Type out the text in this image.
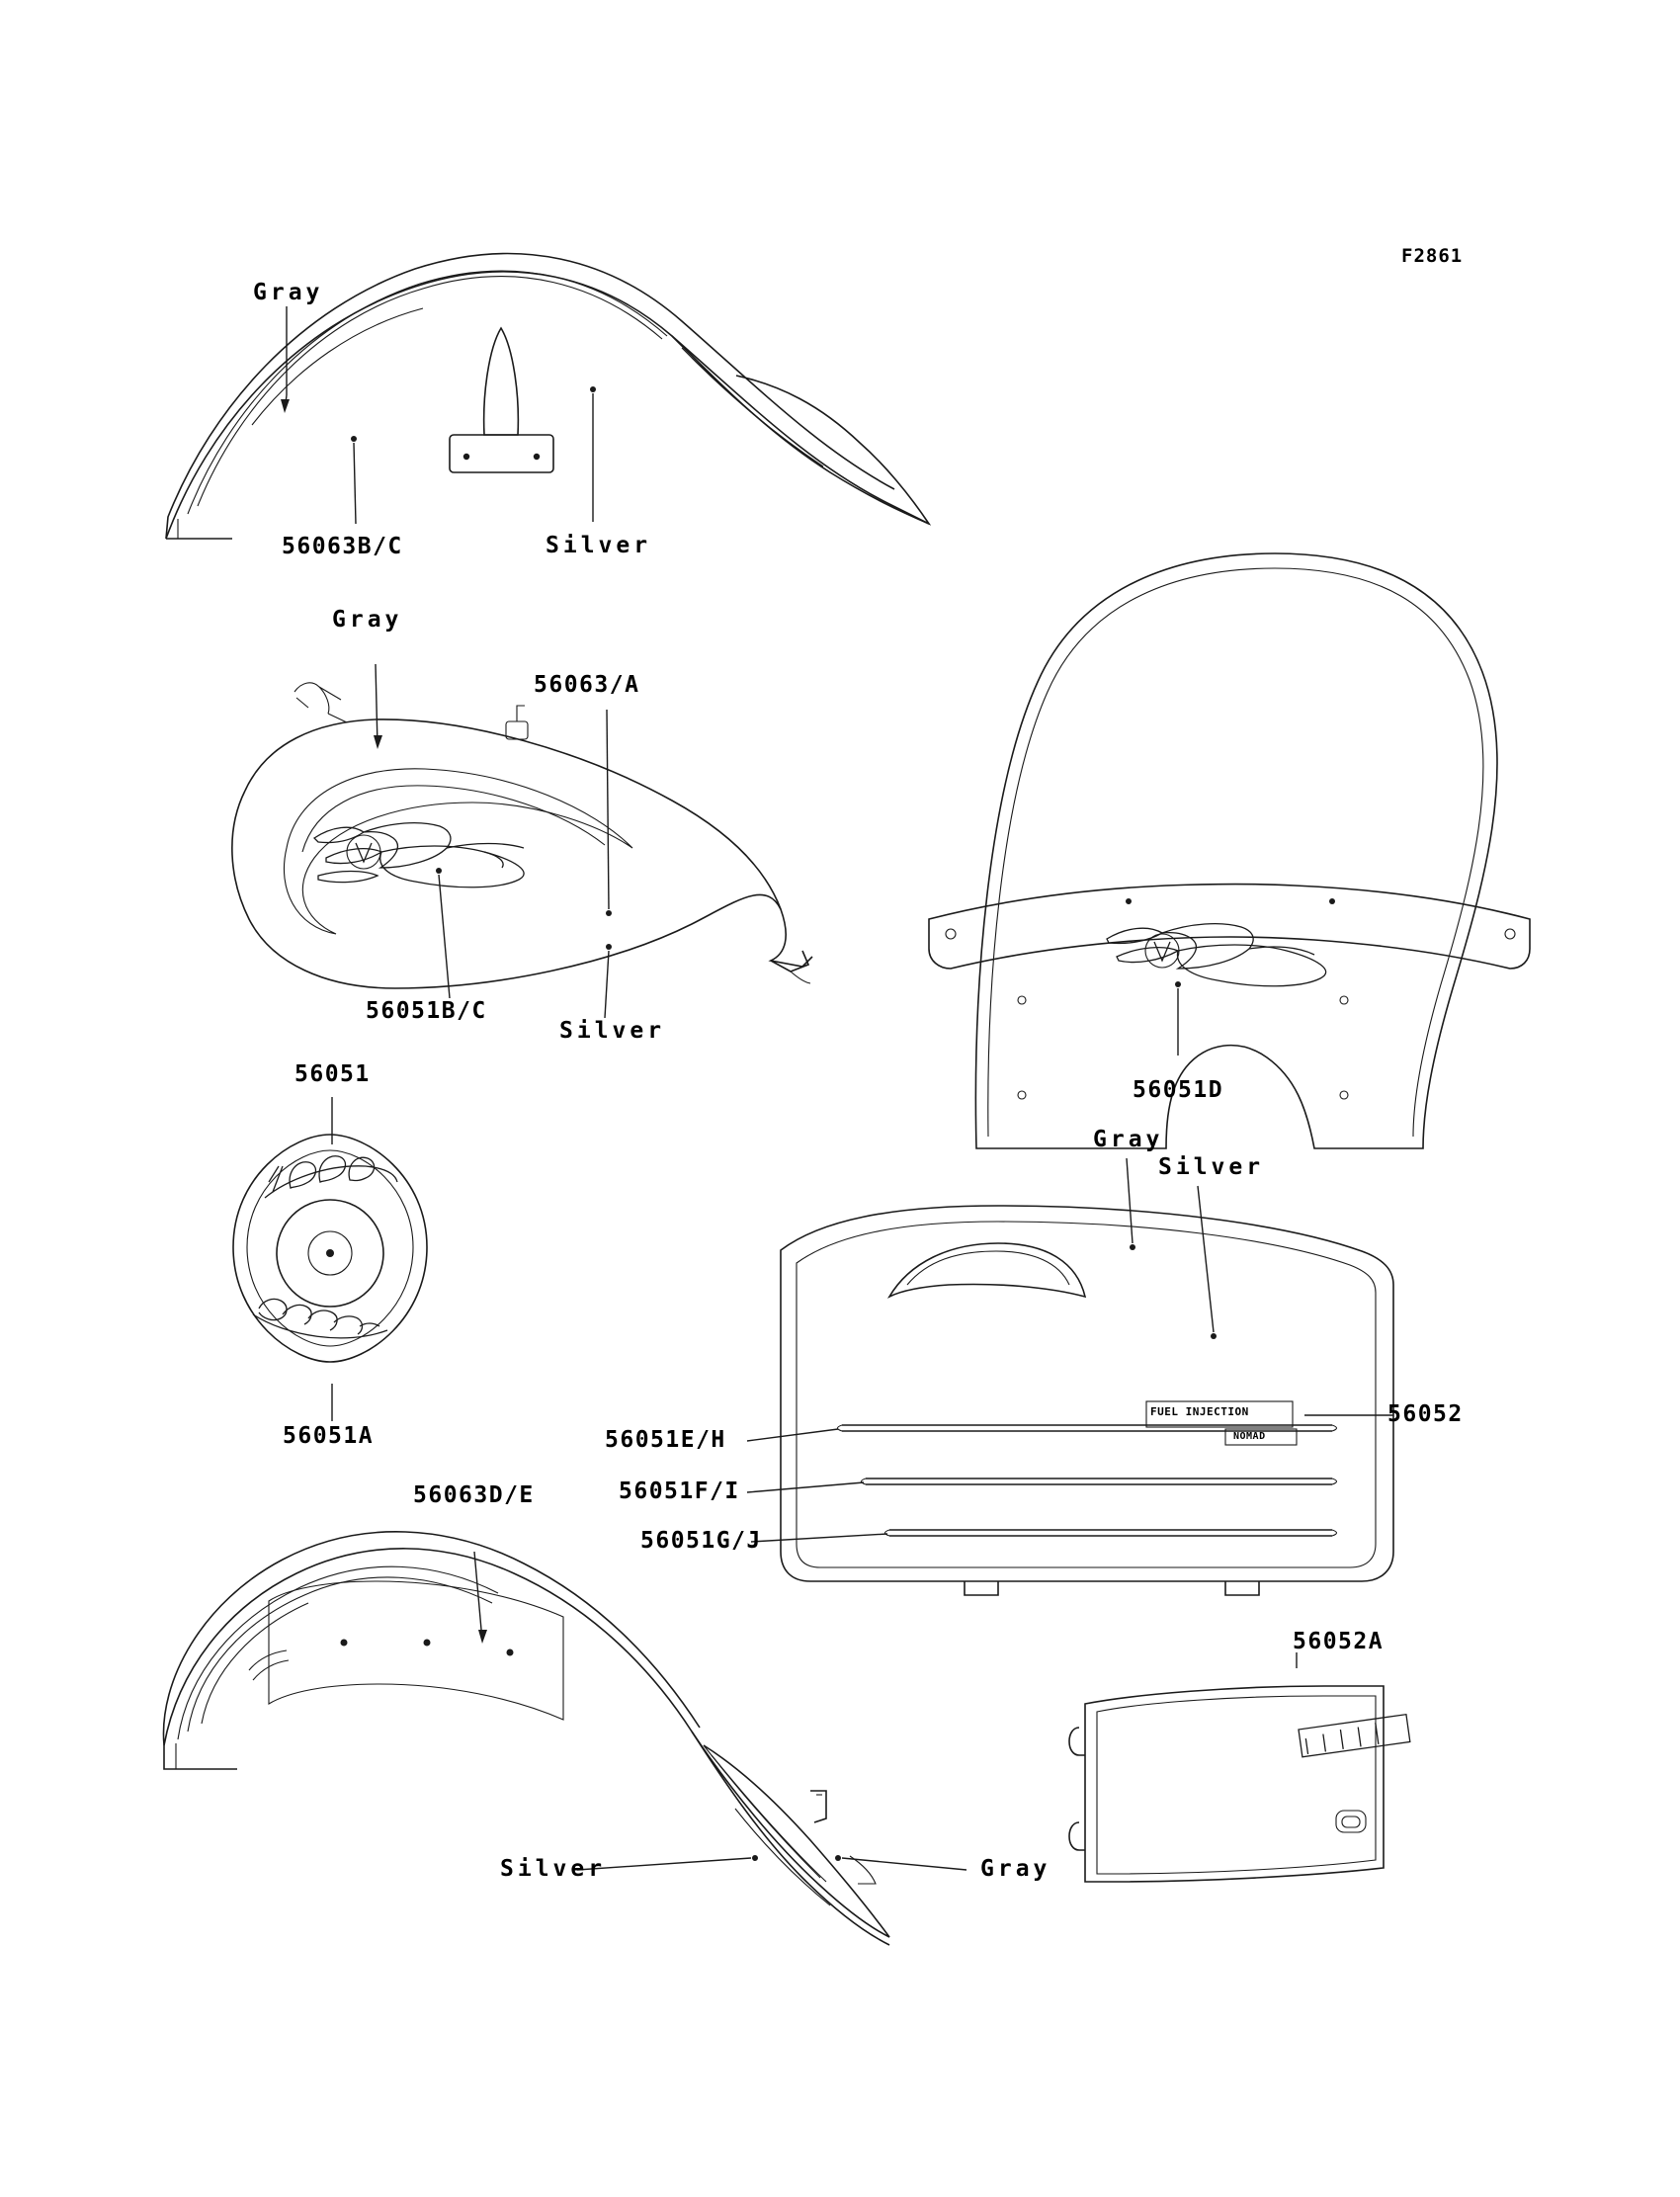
F2861
Gray
56063B/C	Silver
Gray
56063/A
56051B/C
Silver
56051
56051A
56051D
Gray
Silver
56052
56051E/H
56051F/I
56051G/J
FUEL INJECTION
NOMAD
56063D/E
Silver	Gray
56052A
